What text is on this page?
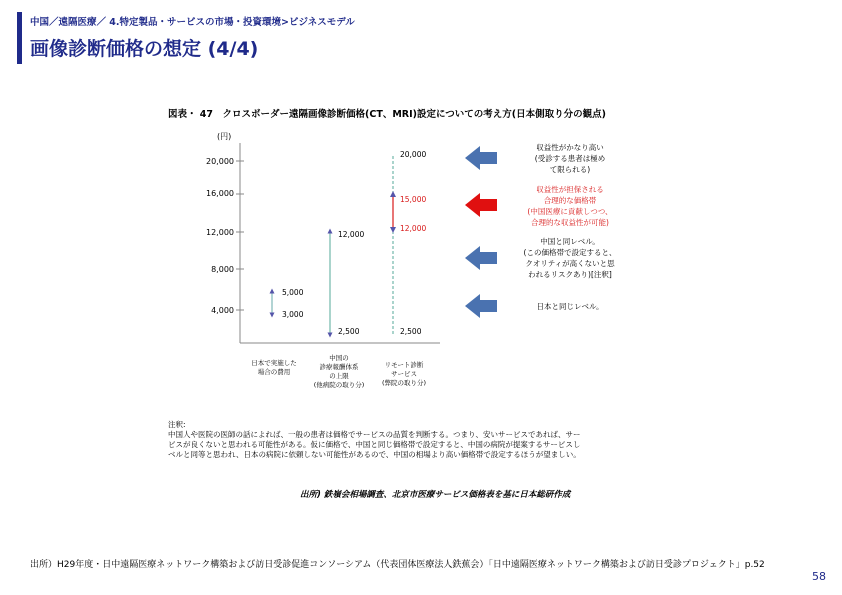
中国／遠隔医療／ 4.特定製品・サービスの市場・投資環境>ビジネスモデル
画像診断価格の想定 (4/4)
図表・ 47　クロスボーダー遠隔画像診断価格(CT、MRI)設定についての考え方(日本側取り分の観点)
(円)
20,000
16,000
12,000
8,000
4,000
5,000
3,000
12,000
2,500
20,000
15,000
12,000
2,500
日本で実施した
場合の費用
中国の
診療報酬体系
の上限
(他病院の取り分)
リモート診断
サービス
(弊院の取り分)
収益性がかなり高い
(受診する患者は極め
て限られる)
収益性が担保される
合理的な価格帯
(中国医療に貢献しつつ、
合理的な収益性が可能)
中国と同レベル。
(この価格帯で設定すると、
クオリティが高くないと思
われるリスクあり)[注釈]
日本と同じレベル。
注釈:
中国人や医院の医師の話によれば、一般の患者は価格でサービスの品質を判断する。つまり、安いサービスであれば、サー
ビスが良くないと思われる可能性がある。仮に価格で、中国と同じ価格帯で設定すると、中国の病院が提案するサービスし
ベルと同等と思われ、日本の病院に依頼しない可能性があるので、中国の相場より高い価格帯で設定するほうが望ましい。
出所) 鉄嶺会相場調査、北京市医療サービス価格表を基に日本総研作成
出所）H29年度・日中遠隔医療ネットワーク構築および訪日受診促進コンソーシアム（代表団体医療法人鉄蕉会）「日中遠隔医療ネットワーク構築および訪日受診プロジェクト」p.52
58
